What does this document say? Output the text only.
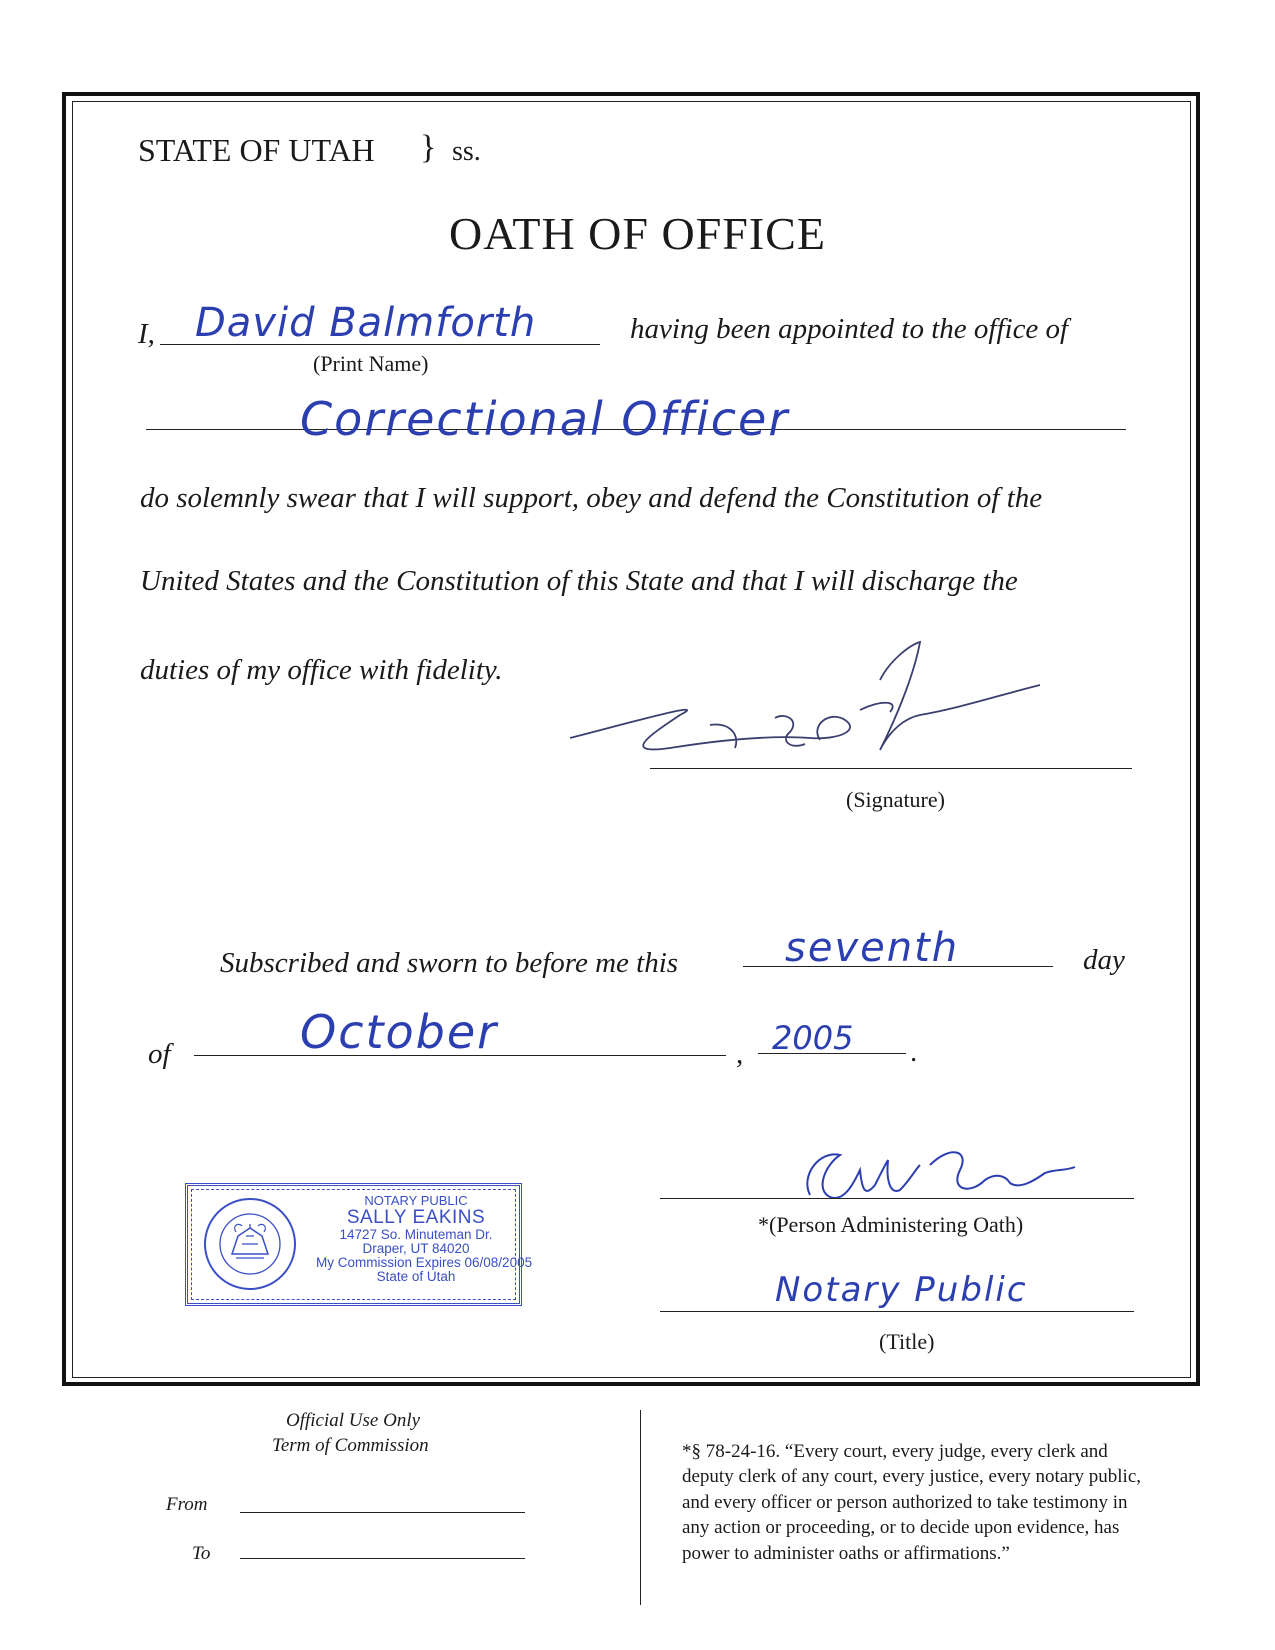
STATE OF UTAH } ss.
OATH OF OFFICE
I, David Balmforth
(Print Name)
having been appointed to the office of
Correctional Officer
do solemnly swear that I will support, obey and defend the Constitution of the
United States and the Constitution of this State and that I will discharge the
duties of my office with fidelity.
(Signature)
Subscribed and sworn to before me this	seventh	day
of	October	, 2005 .
NOTARY PUBLIC
SALLY EAKINS
14727 So. Minuteman Dr.
Draper, UT 84020
My Commission Expires 06/08/2005
State of Utah
*(Person Administering Oath)
Notary Public
(Title)
Official Use Only
Term of Commission
From
To
*§ 78-24-16. “Every court, every judge, every clerk and
deputy clerk of any court, every justice, every notary public,
and every officer or person authorized to take testimony in
any action or proceeding, or to decide upon evidence, has
power to administer oaths or affirmations.”
